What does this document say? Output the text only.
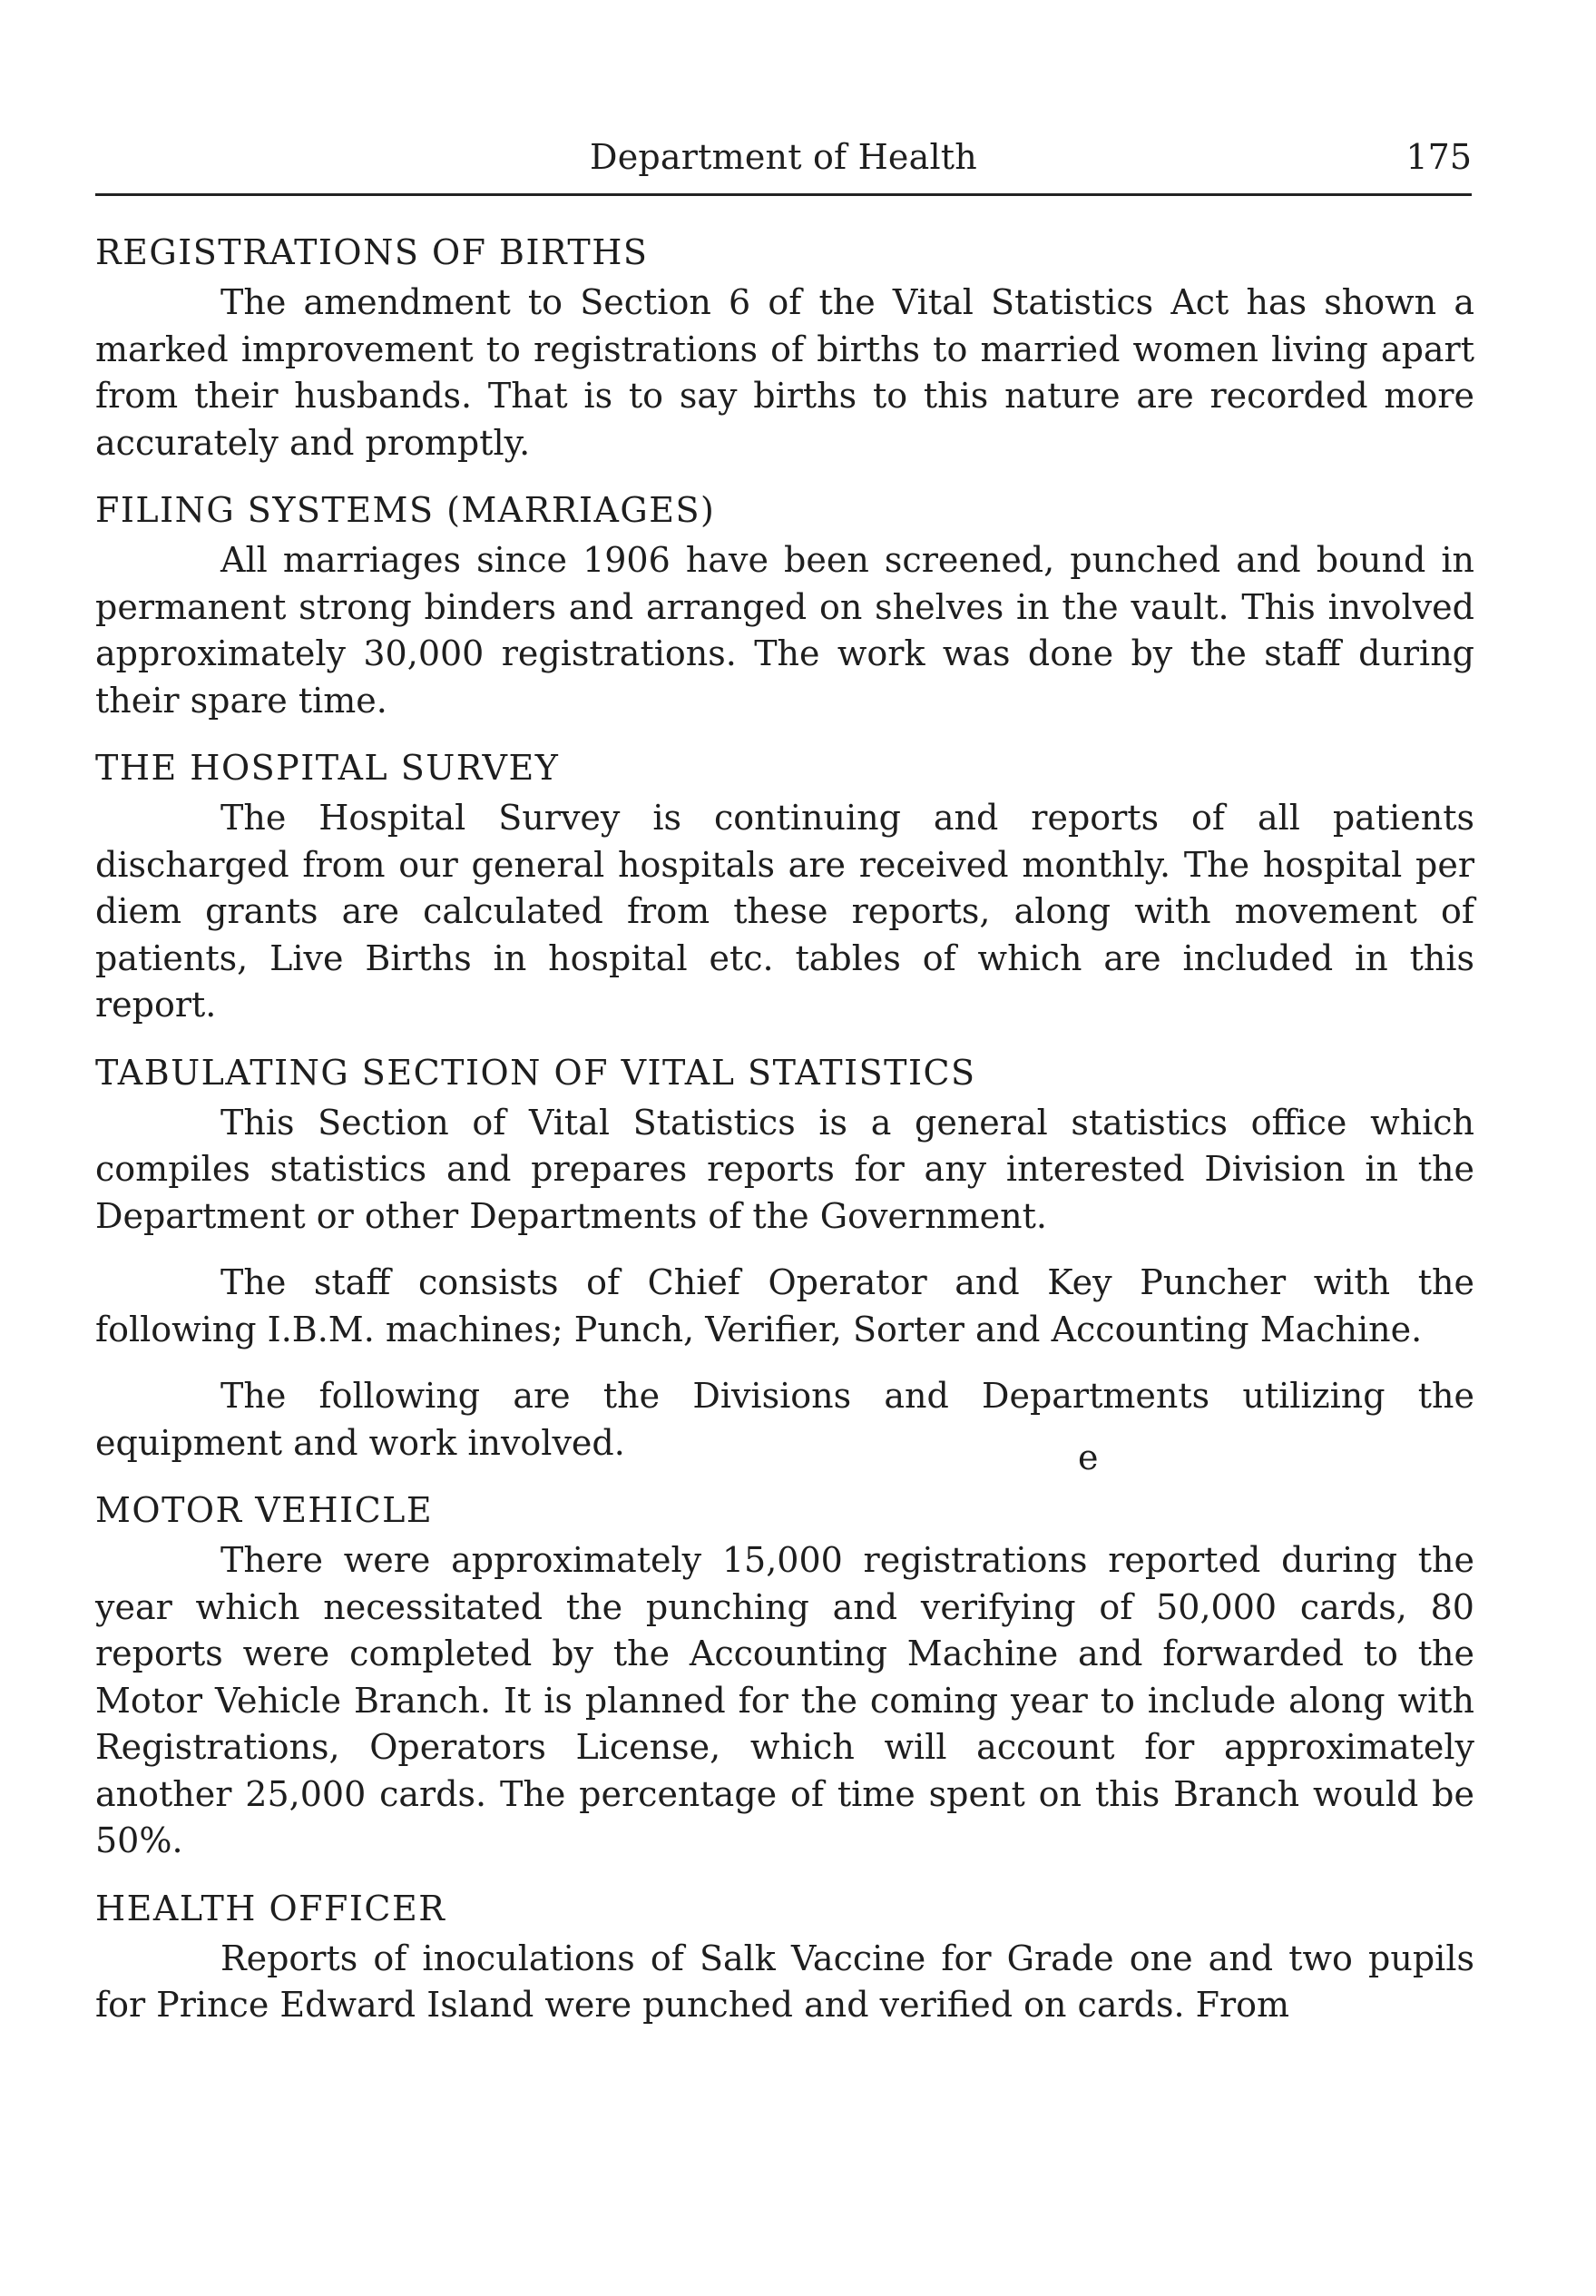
Department of Health	175
REGISTRATIONS OF BIRTHS

The amendment to Section 6 of the Vital Statistics Act has shown a marked improvement to registrations of births to married women living apart from their husbands. That is to say births to this nature are recorded more accurately and promptly.

FILING SYSTEMS (MARRIAGES)

All marriages since 1906 have been screened, punched and bound in permanent strong binders and arranged on shelves in the vault. This involved approximately 30,000 registrations. The work was done by the staff during their spare time.

THE HOSPITAL SURVEY

The Hospital Survey is continuing and reports of all patients discharged from our general hospitals are received monthly. The hospital per diem grants are calculated from these reports, along with movement of patients, Live Births in hospital etc. tables of which are included in this report.

TABULATING SECTION OF VITAL STATISTICS

This Section of Vital Statistics is a general statistics office which compiles statistics and prepares reports for any interested Division in the Department or other Departments of the Government.

The staff consists of Chief Operator and Key Puncher with the following I.B.M. machines; Punch, Verifier, Sorter and Accounting Machine.

The following are the Divisions and Departments utilizing the equipment and work involved.

MOTOR VEHICLE

There were approximately 15,000 registrations reported during the year which necessitated the punching and verifying of 50,000 cards, 80 reports were completed by the Accounting Machine and forwarded to the Motor Vehicle Branch. It is planned for the coming year to include along with Registrations, Operators License, which will account for approximately another 25,000 cards. The percentage of time spent on this Branch would be 50%.

HEALTH OFFICER

Reports of inoculations of Salk Vaccine for Grade one and two pupils for Prince Edward Island were punched and verified on cards. From

e
